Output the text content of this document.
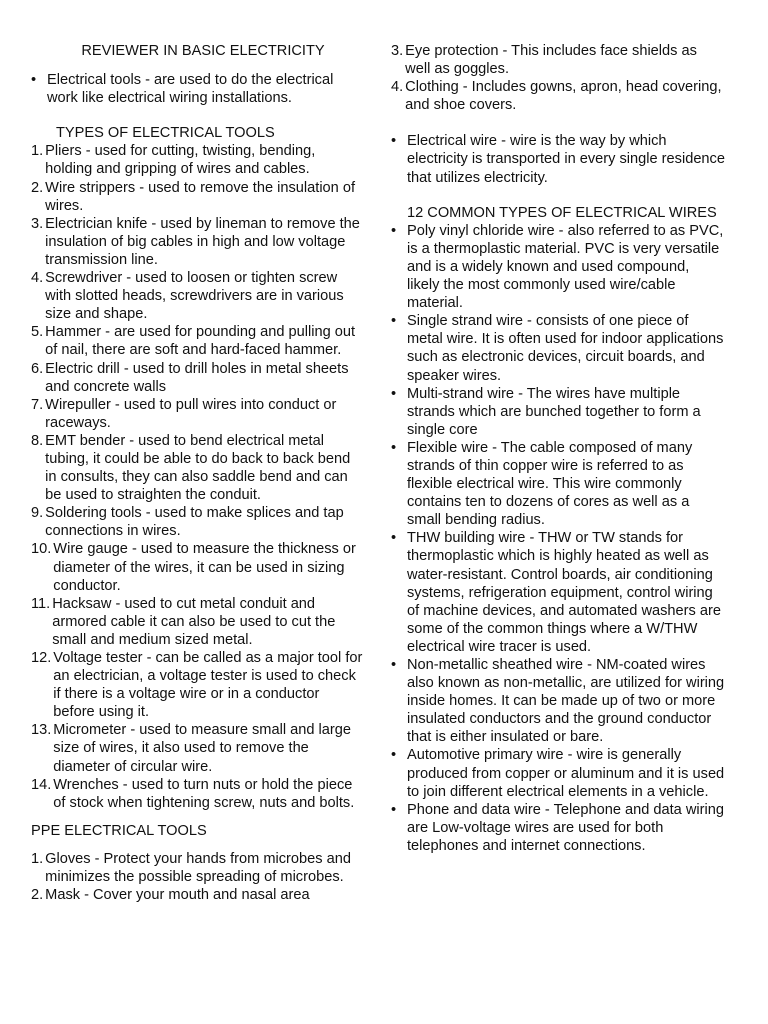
REVIEWER IN BASIC ELECTRICITY
• Electrical tools - are used to do the electrical work like electrical wiring installations.
TYPES OF ELECTRICAL TOOLS
1. Pliers - used for cutting, twisting, bending, holding and gripping of wires and cables.
2. Wire strippers - used to remove the insulation of wires.
3. Electrician knife - used by lineman to remove the insulation of big cables in high and low voltage transmission line.
4. Screwdriver - used to loosen or tighten screw with slotted heads, screwdrivers are in various size and shape.
5. Hammer - are used for pounding and pulling out of nail, there are soft and hard-faced hammer.
6. Electric drill - used to drill holes in metal sheets and concrete walls
7. Wirepuller - used to pull wires into conduct or raceways.
8. EMT bender - used to bend electrical metal tubing, it could be able to do back to back bend in consults, they can also saddle bend and can be used to straighten the conduit.
9. Soldering tools - used to make splices and tap connections in wires.
10. Wire gauge - used to measure the thickness or diameter of the wires, it can be used in sizing conductor.
11. Hacksaw - used to cut metal conduit and armored cable it can also be used to cut the small and medium sized metal.
12. Voltage tester - can be called as a major tool for an electrician, a voltage tester is used to check if there is a voltage wire or in a conductor before using it.
13. Micrometer - used to measure small and large size of wires, it also used to remove the diameter of circular wire.
14. Wrenches - used to turn nuts or hold the piece of stock when tightening screw, nuts and bolts.
PPE ELECTRICAL TOOLS
1. Gloves - Protect your hands from microbes and minimizes the possible spreading of microbes.
2. Mask - Cover your mouth and nasal area
3. Eye protection - This includes face shields as well as goggles.
4. Clothing - Includes gowns, apron, head covering, and shoe covers.
• Electrical wire - wire is the way by which electricity is transported in every single residence that utilizes electricity.
12 COMMON TYPES OF ELECTRICAL WIRES
• Poly vinyl chloride wire - also referred to as PVC, is a thermoplastic material. PVC is very versatile and is a widely known and used compound, likely the most commonly used wire/cable material.
• Single strand wire - consists of one piece of metal wire. It is often used for indoor applications such as electronic devices, circuit boards, and speaker wires.
• Multi-strand wire - The wires have multiple strands which are bunched together to form a single core
• Flexible wire - The cable composed of many strands of thin copper wire is referred to as flexible electrical wire. This wire commonly contains ten to dozens of cores as well as a small bending radius.
• THW building wire - THW or TW stands for thermoplastic which is highly heated as well as water-resistant. Control boards, air conditioning systems, refrigeration equipment, control wiring of machine devices, and automated washers are some of the common things where a W/THW electrical wire tracer is used.
• Non-metallic sheathed wire - NM-coated wires also known as non-metallic, are utilized for wiring inside homes. It can be made up of two or more insulated conductors and the ground conductor that is either insulated or bare.
• Automotive primary wire - wire is generally produced from copper or aluminum and it is used to join different electrical elements in a vehicle.
• Phone and data wire - Telephone and data wiring are Low-voltage wires are used for both telephones and internet connections.
